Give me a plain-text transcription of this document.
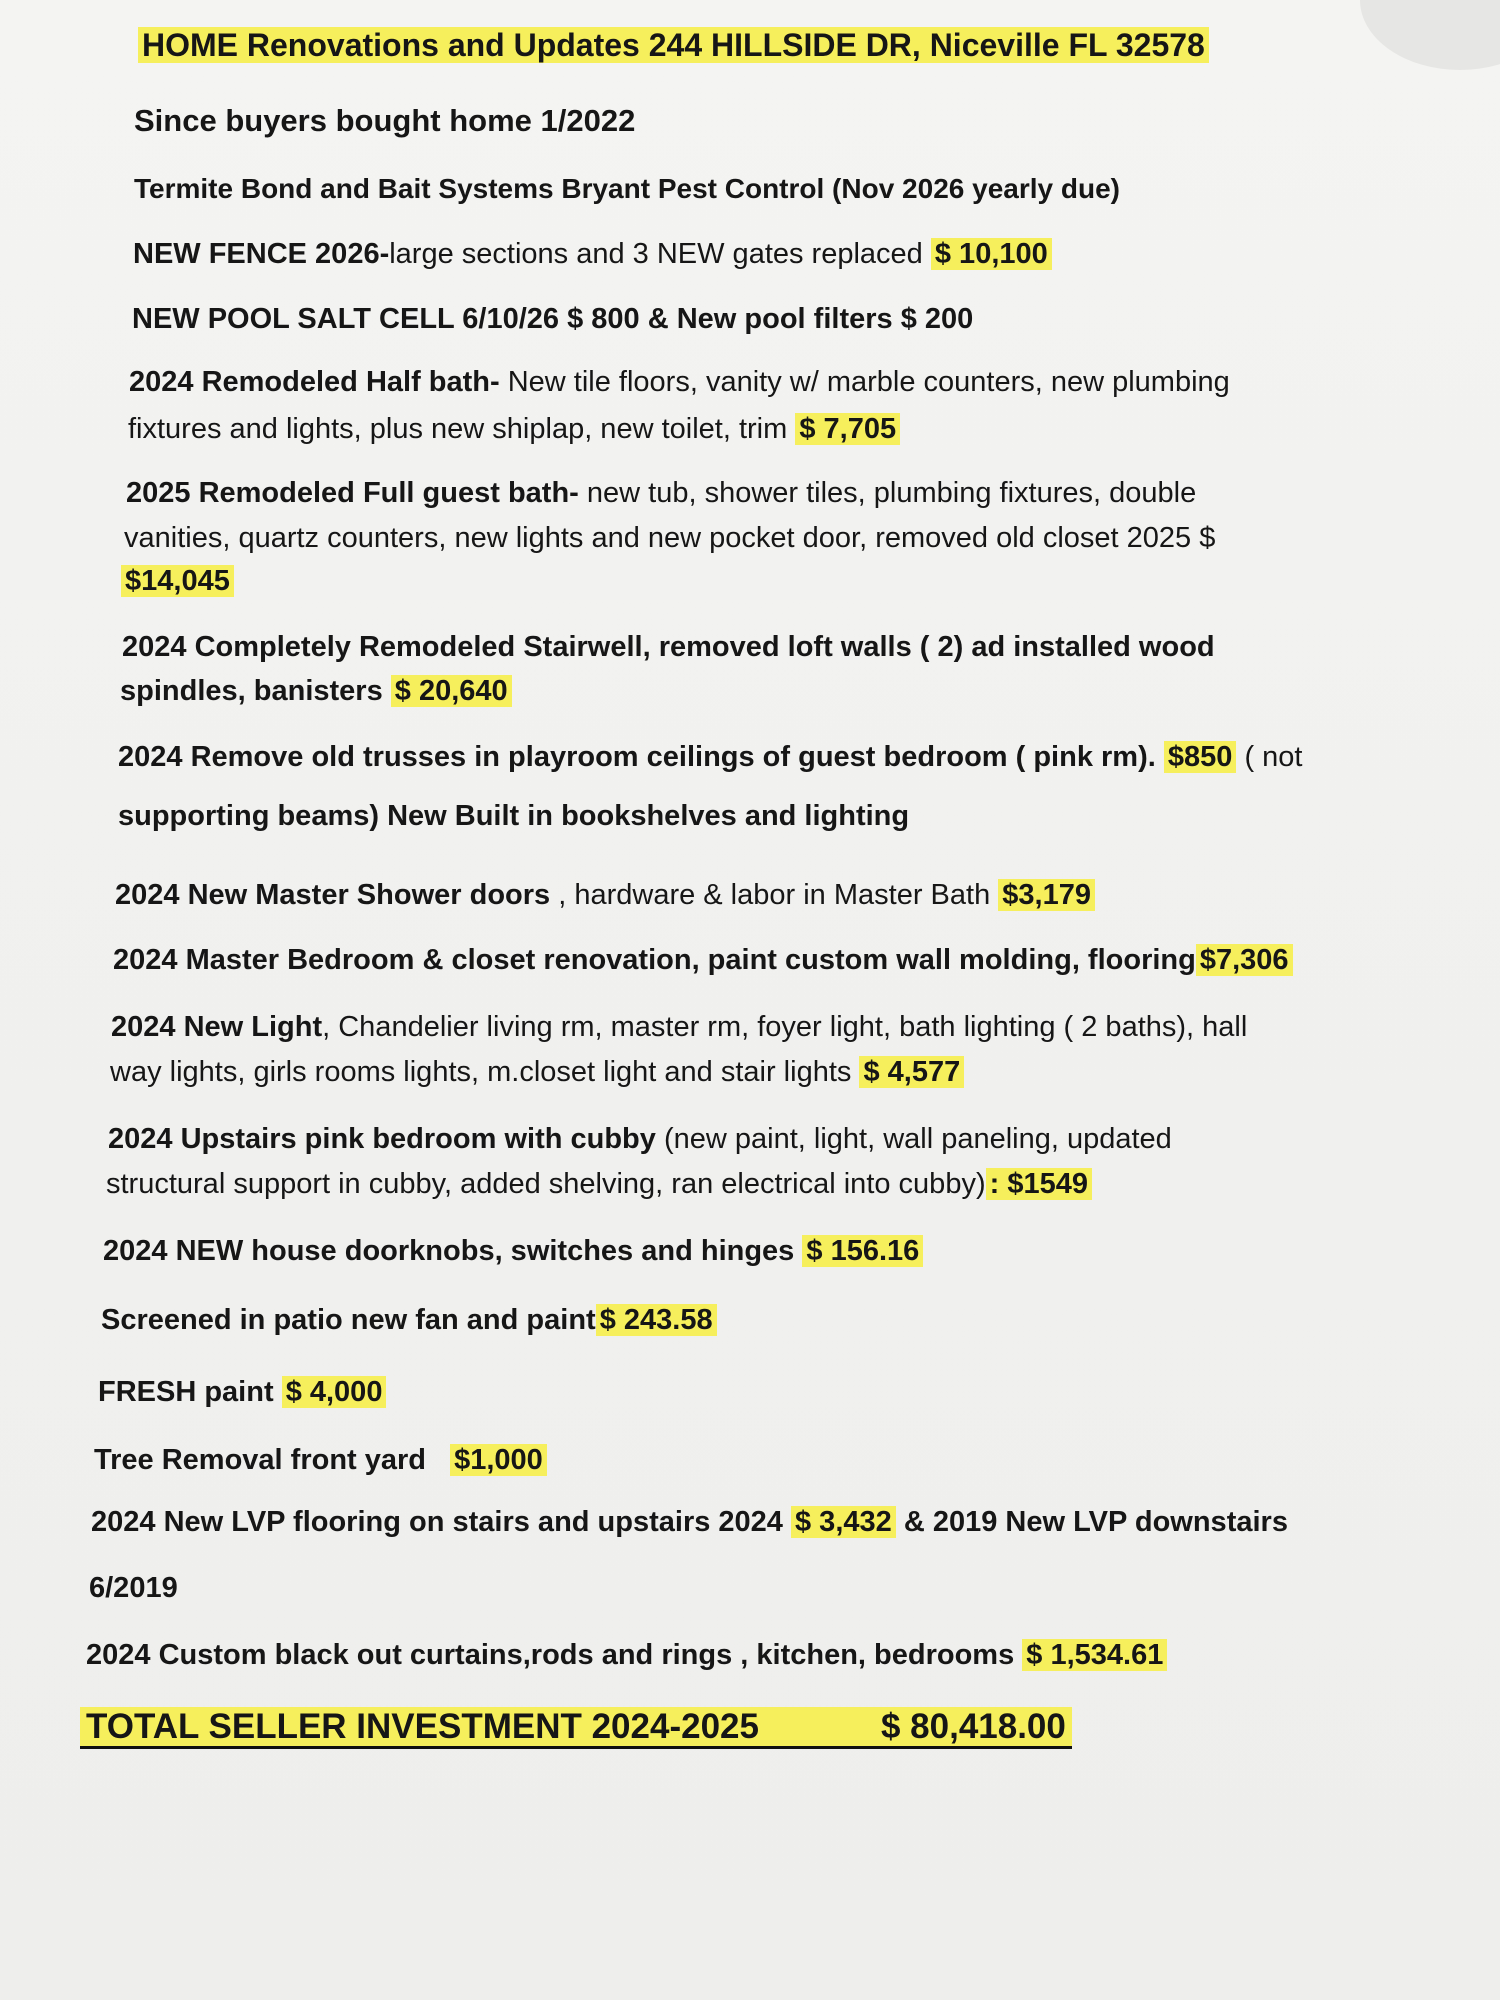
HOME Renovations and Updates 244 HILLSIDE DR, Niceville FL 32578
Since buyers bought home 1/2022
Termite Bond and Bait Systems Bryant Pest Control (Nov 2026 yearly due)
NEW FENCE 2026-large sections and 3 NEW gates replaced $ 10,100
NEW POOL SALT CELL 6/10/26 $ 800 & New pool filters $ 200
2024 Remodeled Half bath- New tile floors, vanity w/ marble counters, new plumbing
fixtures and lights, plus new shiplap, new toilet, trim $ 7,705
2025 Remodeled Full guest bath- new tub, shower tiles, plumbing fixtures, double
vanities, quartz counters, new lights and new pocket door, removed old closet 2025 $
$14,045
2024 Completely Remodeled Stairwell, removed loft walls ( 2) ad installed wood
spindles, banisters $ 20,640
2024 Remove old trusses in playroom ceilings of guest bedroom ( pink rm). $850 ( not
supporting beams) New Built in bookshelves and lighting
2024 New Master Shower doors , hardware & labor in Master Bath $3,179
2024 Master Bedroom & closet renovation, paint custom wall molding, flooring $7,306
2024 New Light, Chandelier living rm, master rm, foyer light, bath lighting ( 2 baths), hall
way lights, girls rooms lights, m.closet light and stair lights $ 4,577
2024 Upstairs pink bedroom with cubby (new paint, light, wall paneling, updated
structural support in cubby, added shelving, ran electrical into cubby) : $1549
2024 NEW house doorknobs, switches and hinges $ 156.16
Screened in patio new fan and paint $ 243.58
FRESH paint $ 4,000
Tree Removal front yard $1,000
2024 New LVP flooring on stairs and upstairs 2024 $ 3,432 & 2019 New LVP downstairs
6/2019
2024 Custom black out curtains,rods and rings , kitchen, bedrooms $ 1,534.61
TOTAL SELLER INVESTMENT 2024-2025	$ 80,418.00
